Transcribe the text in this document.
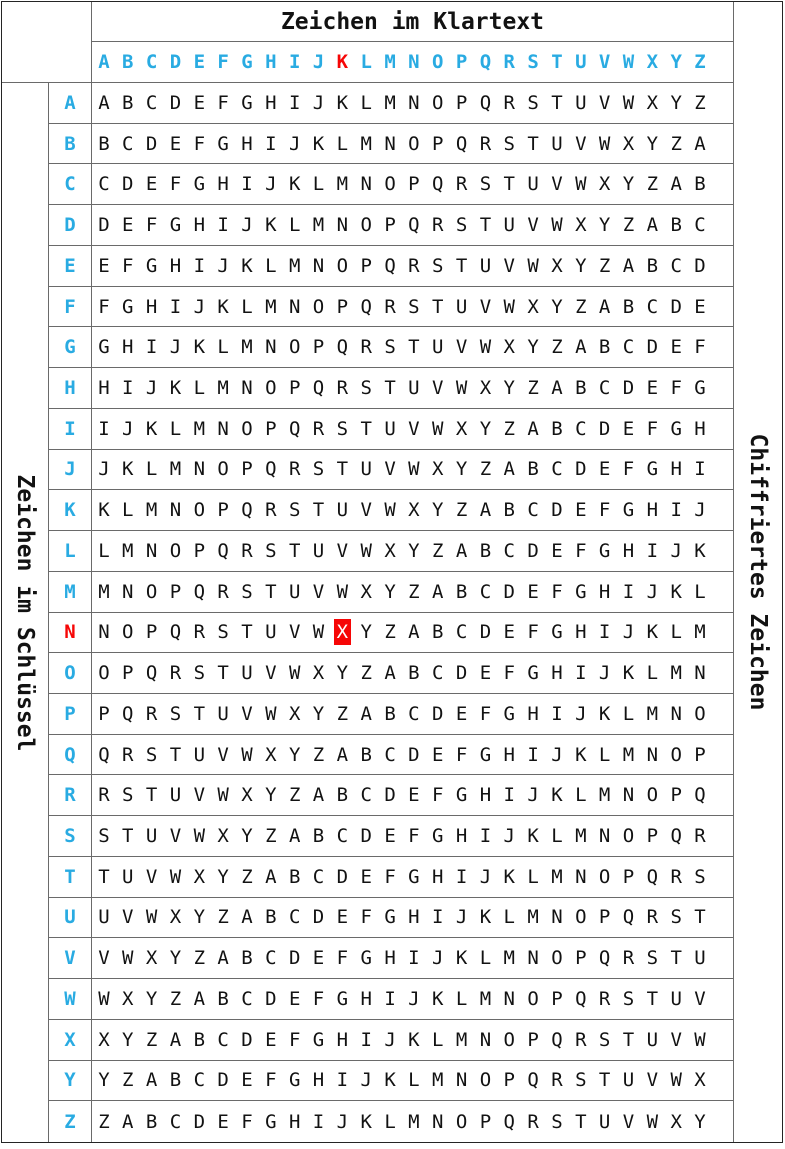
Zeichen im Klartext
A B C D E F G H I J K L M N O P Q R S T U V W X Y Z
Zeichen im Schlüssel	Chiffriertes Zeichen
A	A B C D E F G H I J K L M N O P Q R S T U V W X Y Z
B	B C D E F G H I J K L M N O P Q R S T U V W X Y Z A
C	C D E F G H I J K L M N O P Q R S T U V W X Y Z A B
D	D E F G H I J K L M N O P Q R S T U V W X Y Z A B C
E	E F G H I J K L M N O P Q R S T U V W X Y Z A B C D
F	F G H I J K L M N O P Q R S T U V W X Y Z A B C D E
G	G H I J K L M N O P Q R S T U V W X Y Z A B C D E F
H	H I J K L M N O P Q R S T U V W X Y Z A B C D E F G
I	I J K L M N O P Q R S T U V W X Y Z A B C D E F G H
J	J K L M N O P Q R S T U V W X Y Z A B C D E F G H I
K	K L M N O P Q R S T U V W X Y Z A B C D E F G H I J
L	L M N O P Q R S T U V W X Y Z A B C D E F G H I J K
M	M N O P Q R S T U V W X Y Z A B C D E F G H I J K L
N	N O P Q R S T U V W X Y Z A B C D E F G H I J K L M
O	O P Q R S T U V W X Y Z A B C D E F G H I J K L M N
P	P Q R S T U V W X Y Z A B C D E F G H I J K L M N O
Q	Q R S T U V W X Y Z A B C D E F G H I J K L M N O P
R	R S T U V W X Y Z A B C D E F G H I J K L M N O P Q
S	S T U V W X Y Z A B C D E F G H I J K L M N O P Q R
T	T U V W X Y Z A B C D E F G H I J K L M N O P Q R S
U	U V W X Y Z A B C D E F G H I J K L M N O P Q R S T
V	V W X Y Z A B C D E F G H I J K L M N O P Q R S T U
W	W X Y Z A B C D E F G H I J K L M N O P Q R S T U V
X	X Y Z A B C D E F G H I J K L M N O P Q R S T U V W
Y	Y Z A B C D E F G H I J K L M N O P Q R S T U V W X
Z	Z A B C D E F G H I J K L M N O P Q R S T U V W X Y
